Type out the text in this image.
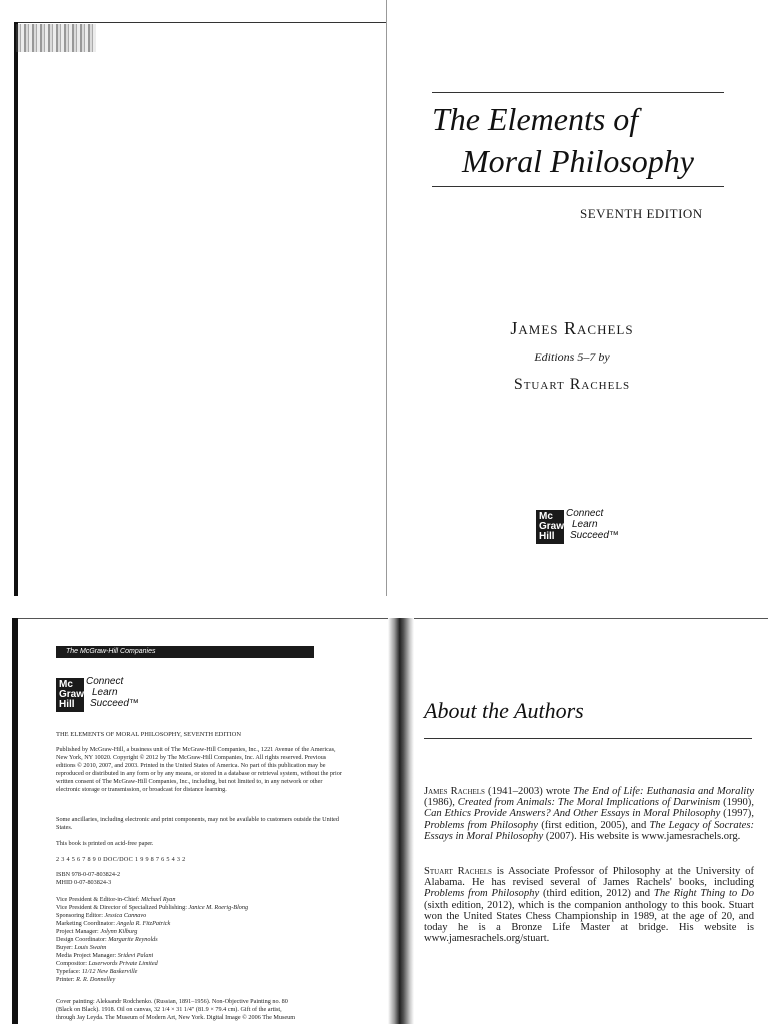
The Elements of
Moral Philosophy
SEVENTH EDITION
James Rachels
Editions 5–7 by
Stuart Rachels
Mc
Graw
Hill
Connect
Learn
Succeed™
The McGraw-Hill Companies
Mc
Graw
Hill
Connect
Learn
Succeed™
THE ELEMENTS OF MORAL PHILOSOPHY, SEVENTH EDITION
Published by McGraw-Hill, a business unit of The McGraw-Hill Companies, Inc., 1221 Avenue of the Americas, New York, NY 10020. Copyright © 2012 by The McGraw-Hill Companies, Inc. All rights reserved. Previous editions © 2010, 2007, and 2003. Printed in the United States of America. No part of this publication may be reproduced or distributed in any form or by any means, or stored in a database or retrieval system, without the prior written consent of The McGraw-Hill Companies, Inc., including, but not limited to, in any network or other electronic storage or transmission, or broadcast for distance learning.
Some ancillaries, including electronic and print components, may not be available to customers outside the United States.
This book is printed on acid-free paper.
2 3 4 5 6 7 8 9 0 DOC/DOC 1 9 9 8 7 6 5 4 3 2

ISBN 978-0-07-803824-2

MHID 0-07-803824-3

Vice President & Editor-in-Chief: Michael Ryan

Vice President & Director of Specialized Publishing: Janice M. Roerig-Blong

Sponsoring Editor: Jessica Cannavo

Marketing Coordinator: Angela R. FitzPatrick

Project Manager: Jolynn Kilburg

Design Coordinator: Margarite Reynolds

Buyer: Louis Swaim

Media Project Manager: Sridevi Palani

Compositor: Laserwords Private Limited

Typeface: 11/12 New Baskerville

Printer: R. R. Donnelley

Cover painting: Aleksandr Rodchenko. (Russian, 1891–1956). Non-Objective Painting no. 80

(Black on Black). 1918. Oil on canvas, 32 1/4 × 31 1/4" (81.9 × 79.4 cm). Gift of the artist,

through Jay Leyda. The Museum of Modern Art, New York. Digital Image © 2006 The Museum

About the Authors

James Rachels (1941–2003) wrote The End of Life: Euthanasia and Morality (1986), Created from Animals: The Moral Implications of Darwinism (1990), Can Ethics Provide Answers? And Other Essays in Moral Philosophy (1997), Problems from Philosophy (first edition, 2005), and The Legacy of Socrates: Essays in Moral Philosophy (2007). His website is www.jamesrachels.org.

Stuart Rachels is Associate Professor of Philosophy at the University of Alabama. He has revised several of James Rachels' books, including Problems from Philosophy (third edition, 2012) and The Right Thing to Do (sixth edition, 2012), which is the companion anthology to this book. Stuart won the United States Chess Championship in 1989, at the age of 20, and today he is a Bronze Life Master at bridge. His website is www.jamesrachels.org/stuart.
